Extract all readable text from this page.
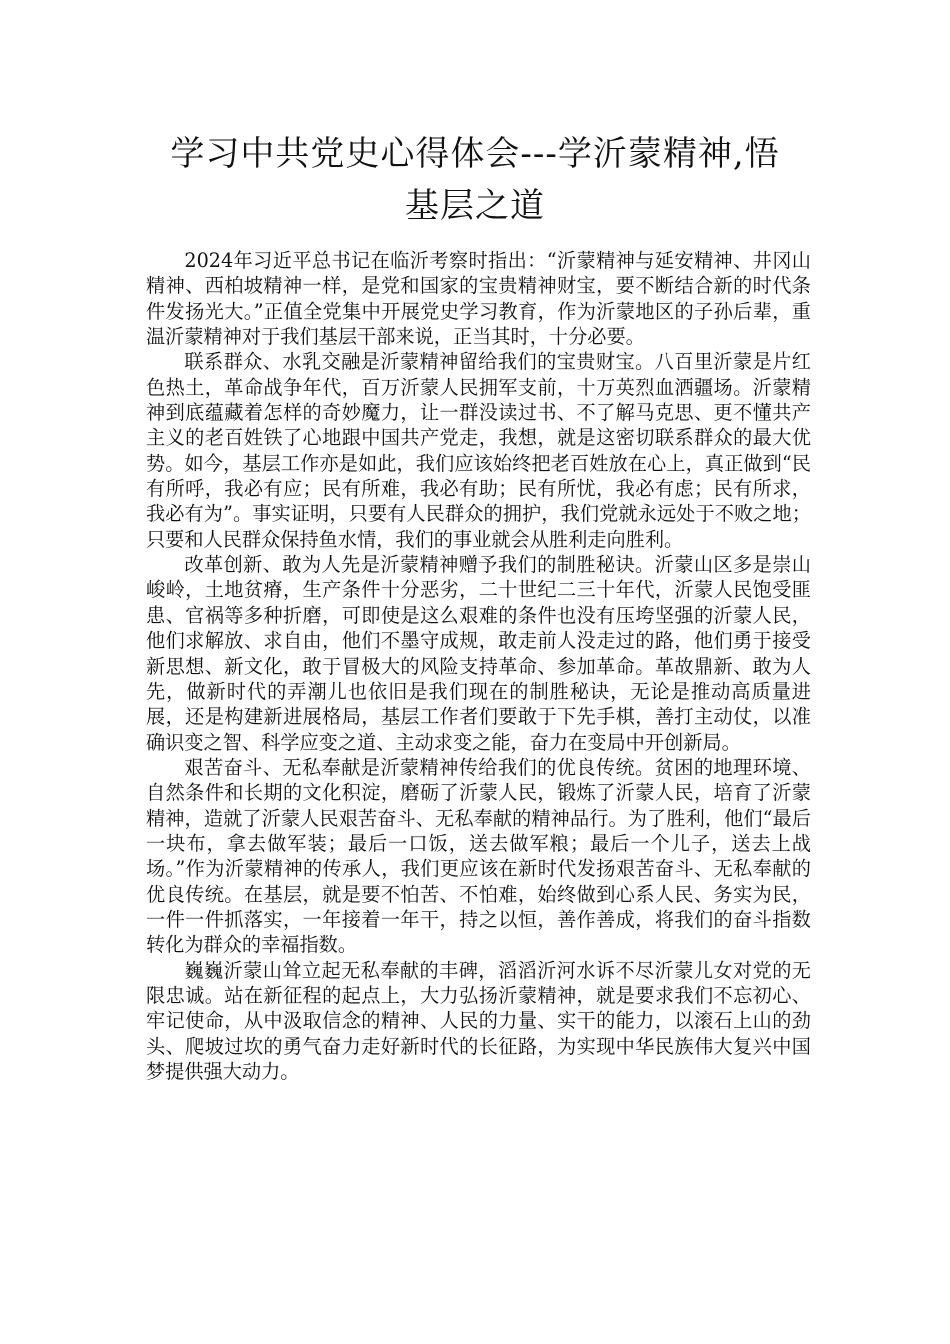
学习中共党史心得体会---学沂蒙精神,悟
基层之道

2024年习近平总书记在临沂考察时指出：“沂蒙精神与延安精神、井冈山精神、西柏坡精神一样，是党和国家的宝贵精神财宝，要不断结合新的时代条件发扬光大。”正值全党集中开展党史学习教育，作为沂蒙地区的子孙后辈，重温沂蒙精神对于我们基层干部来说，正当其时，十分必要。

联系群众、水乳交融是沂蒙精神留给我们的宝贵财宝。八百里沂蒙是片红色热土，革命战争年代，百万沂蒙人民拥军支前，十万英烈血洒疆场。沂蒙精神到底蕴藏着怎样的奇妙魔力，让一群没读过书、不了解马克思、更不懂共产主义的老百姓铁了心地跟中国共产党走，我想，就是这密切联系群众的最大优势。如今，基层工作亦是如此，我们应该始终把老百姓放在心上，真正做到“民有所呼，我必有应；民有所难，我必有助；民有所忧，我必有虑；民有所求，我必有为”。事实证明，只要有人民群众的拥护，我们党就永远处于不败之地；只要和人民群众保持鱼水情，我们的事业就会从胜利走向胜利。

改革创新、敢为人先是沂蒙精神赠予我们的制胜秘诀。沂蒙山区多是崇山峻岭，土地贫瘠，生产条件十分恶劣，二十世纪二三十年代，沂蒙人民饱受匪患、官祸等多种折磨，可即使是这么艰难的条件也没有压垮坚强的沂蒙人民，他们求解放、求自由，他们不墨守成规，敢走前人没走过的路，他们勇于接受新思想、新文化，敢于冒极大的风险支持革命、参加革命。革故鼎新、敢为人先，做新时代的弄潮儿也依旧是我们现在的制胜秘诀，无论是推动高质量进展，还是构建新进展格局，基层工作者们要敢于下先手棋，善打主动仗，以准确识变之智、科学应变之道、主动求变之能，奋力在变局中开创新局。

艰苦奋斗、无私奉献是沂蒙精神传给我们的优良传统。贫困的地理环境、自然条件和长期的文化积淀，磨砺了沂蒙人民，锻炼了沂蒙人民，培育了沂蒙精神，造就了沂蒙人民艰苦奋斗、无私奉献的精神品行。为了胜利，他们“最后一块布，拿去做军装；最后一口饭，送去做军粮；最后一个儿子，送去上战场。”作为沂蒙精神的传承人，我们更应该在新时代发扬艰苦奋斗、无私奉献的优良传统。在基层，就是要不怕苦、不怕难，始终做到心系人民、务实为民，一件一件抓落实，一年接着一年干，持之以恒，善作善成，将我们的奋斗指数转化为群众的幸福指数。

巍巍沂蒙山耸立起无私奉献的丰碑，滔滔沂河水诉不尽沂蒙儿女对党的无限忠诚。站在新征程的起点上，大力弘扬沂蒙精神，就是要求我们不忘初心、牢记使命，从中汲取信念的精神、人民的力量、实干的能力，以滚石上山的劲头、爬坡过坎的勇气奋力走好新时代的长征路，为实现中华民族伟大复兴中国梦提供强大动力。
